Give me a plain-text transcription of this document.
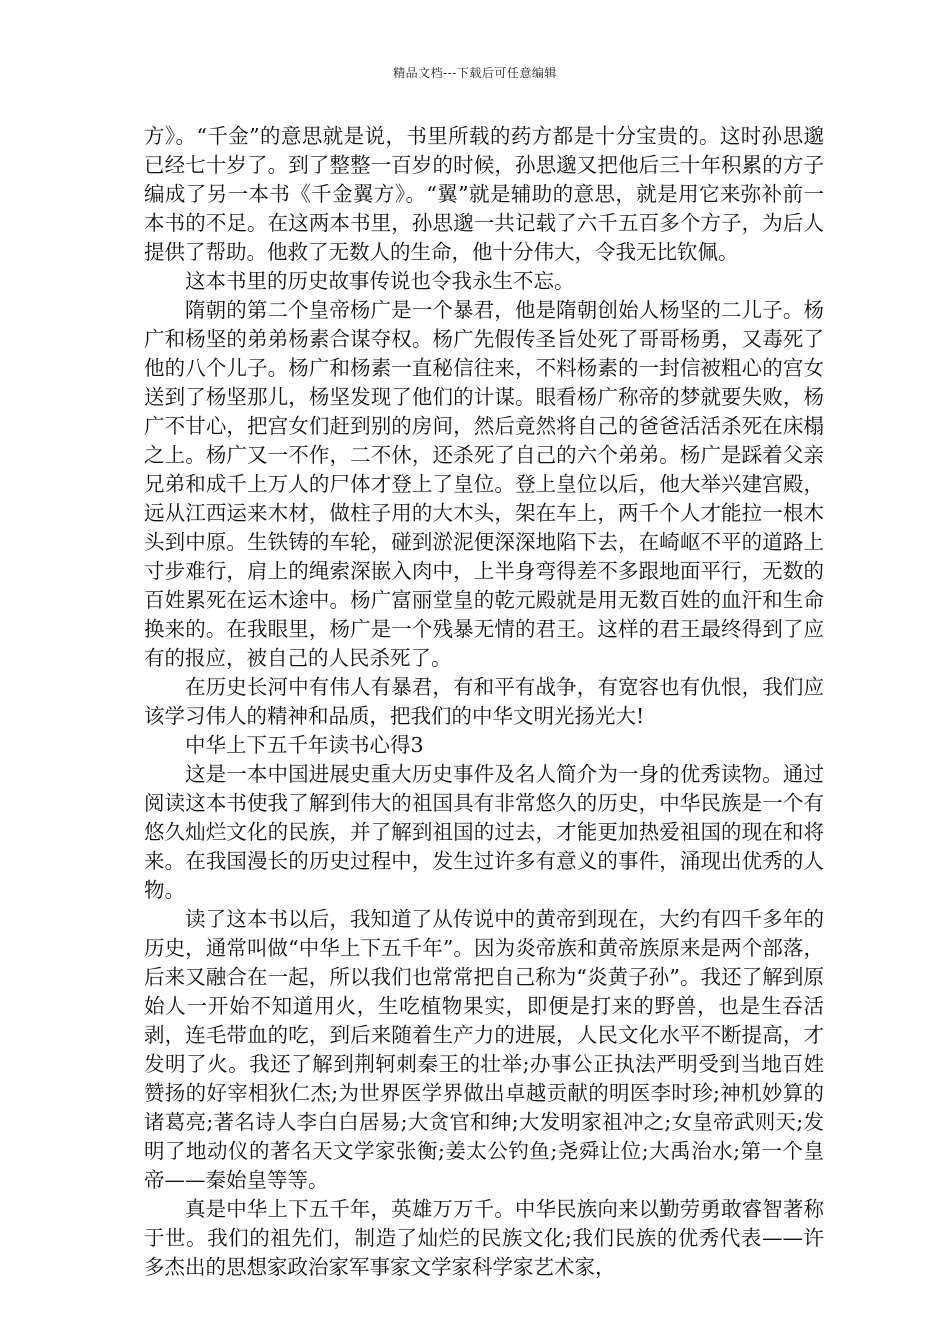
精品文档---下载后可任意编辑

方》。“千金”的意思就是说，书里所载的药方都是十分宝贵的。这时孙思邈已经七十岁了。到了整整一百岁的时候，孙思邈又把他后三十年积累的方子编成了另一本书《千金翼方》。“翼”就是辅助的意思，就是用它来弥补前一本书的不足。在这两本书里，孙思邈一共记载了六千五百多个方子，为后人提供了帮助。他救了无数人的生命，他十分伟大，令我无比钦佩。

这本书里的历史故事传说也令我永生不忘。

隋朝的第二个皇帝杨广是一个暴君，他是隋朝创始人杨坚的二儿子。杨广和杨坚的弟弟杨素合谋夺权。杨广先假传圣旨处死了哥哥杨勇，又毒死了他的八个儿子。杨广和杨素一直秘信往来，不料杨素的一封信被粗心的宫女送到了杨坚那儿，杨坚发现了他们的计谋。眼看杨广称帝的梦就要失败，杨广不甘心，把宫女们赶到别的房间，然后竟然将自己的爸爸活活杀死在床榻之上。杨广又一不作，二不休，还杀死了自己的六个弟弟。杨广是踩着父亲兄弟和成千上万人的尸体才登上了皇位。登上皇位以后，他大举兴建宫殿，远从江西运来木材，做柱子用的大木头，架在车上，两千个人才能拉一根木头到中原。生铁铸的车轮，碰到淤泥便深深地陷下去，在崎岖不平的道路上寸步难行，肩上的绳索深嵌入肉中，上半身弯得差不多跟地面平行，无数的百姓累死在运木途中。杨广富丽堂皇的乾元殿就是用无数百姓的血汗和生命换来的。在我眼里，杨广是一个残暴无情的君王。这样的君王最终得到了应有的报应，被自己的人民杀死了。

在历史长河中有伟人有暴君，有和平有战争，有宽容也有仇恨，我们应该学习伟人的精神和品质，把我们的中华文明光扬光大!

中华上下五千年读书心得3

这是一本中国进展史重大历史事件及名人简介为一身的优秀读物。通过阅读这本书使我了解到伟大的祖国具有非常悠久的历史，中华民族是一个有悠久灿烂文化的民族，并了解到祖国的过去，才能更加热爱祖国的现在和将来。在我国漫长的历史过程中，发生过许多有意义的事件，涌现出优秀的人物。

读了这本书以后，我知道了从传说中的黄帝到现在，大约有四千多年的历史，通常叫做“中华上下五千年”。因为炎帝族和黄帝族原来是两个部落，后来又融合在一起，所以我们也常常把自己称为“炎黄子孙”。我还了解到原始人一开始不知道用火，生吃植物果实，即便是打来的野兽，也是生吞活剥，连毛带血的吃，到后来随着生产力的进展，人民文化水平不断提高，才发明了火。我还了解到荆轲刺秦王的壮举;办事公正执法严明受到当地百姓赞扬的好宰相狄仁杰;为世界医学界做出卓越贡献的明医李时珍;神机妙算的诸葛亮;著名诗人李白白居易;大贪官和绅;大发明家祖冲之;女皇帝武则天;发明了地动仪的著名天文学家张衡;姜太公钓鱼;尧舜让位;大禹治水;第一个皇帝——秦始皇等等。

真是中华上下五千年，英雄万万千。中华民族向来以勤劳勇敢睿智著称于世。我们的祖先们，制造了灿烂的民族文化;我们民族的优秀代表——许多杰出的思想家政治家军事家文学家科学家艺术家，
